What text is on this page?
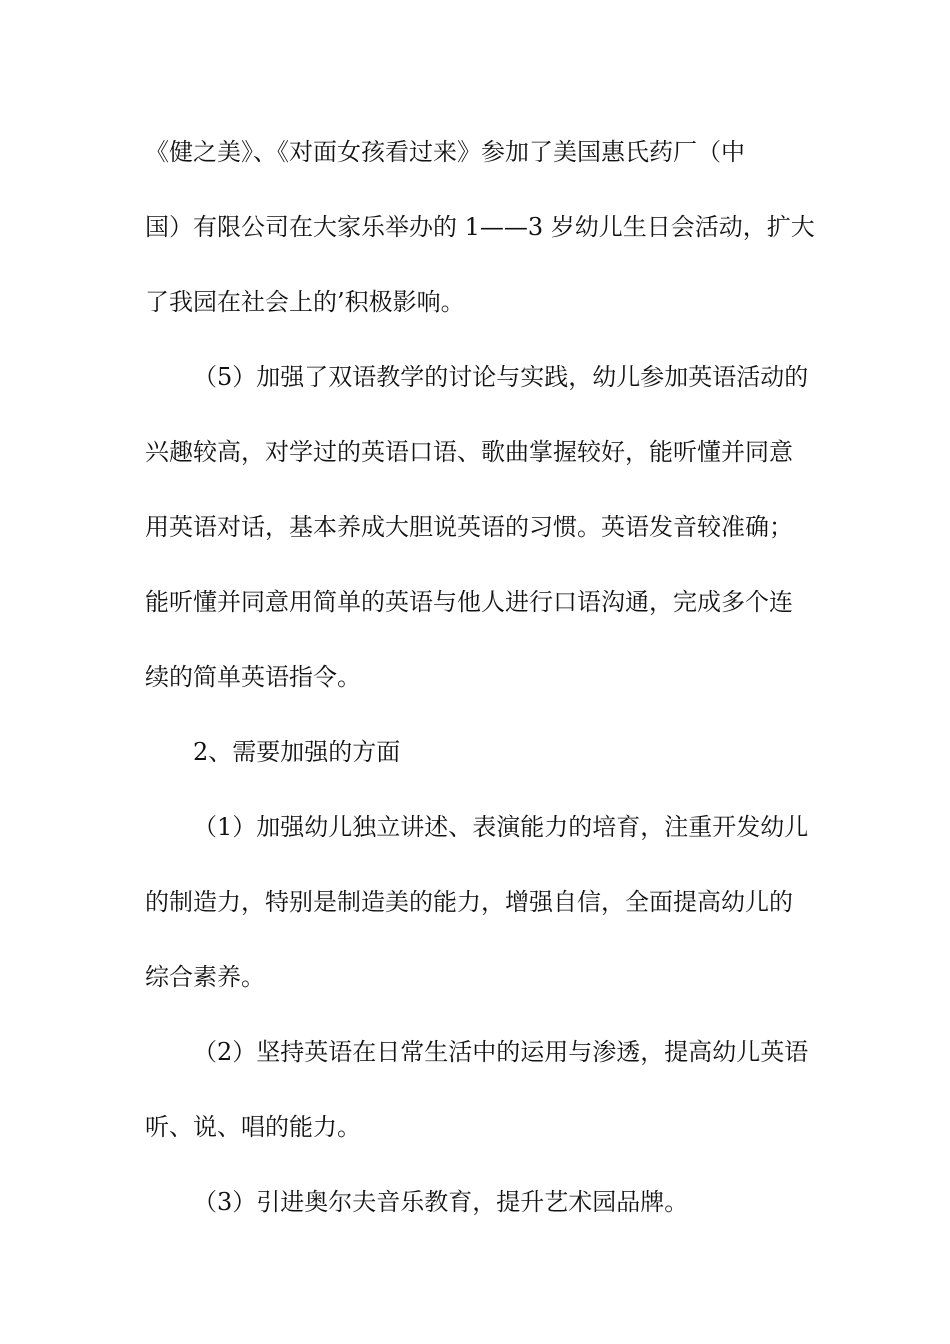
《健之美》、《对面女孩看过来》参加了美国惠氏药厂（中
国）有限公司在大家乐举办的 1——3 岁幼儿生日会活动，扩大
了我园在社会上的’积极影响。
（5）加强了双语教学的讨论与实践，幼儿参加英语活动的
兴趣较高，对学过的英语口语、歌曲掌握较好，能听懂并同意
用英语对话，基本养成大胆说英语的习惯。英语发音较准确；
能听懂并同意用简单的英语与他人进行口语沟通，完成多个连
续的简单英语指令。
2、需要加强的方面
（1）加强幼儿独立讲述、表演能力的培育，注重开发幼儿
的制造力，特别是制造美的能力，增强自信，全面提高幼儿的
综合素养。
（2）坚持英语在日常生活中的运用与渗透，提高幼儿英语
听、说、唱的能力。
（3）引进奥尔夫音乐教育，提升艺术园品牌。
